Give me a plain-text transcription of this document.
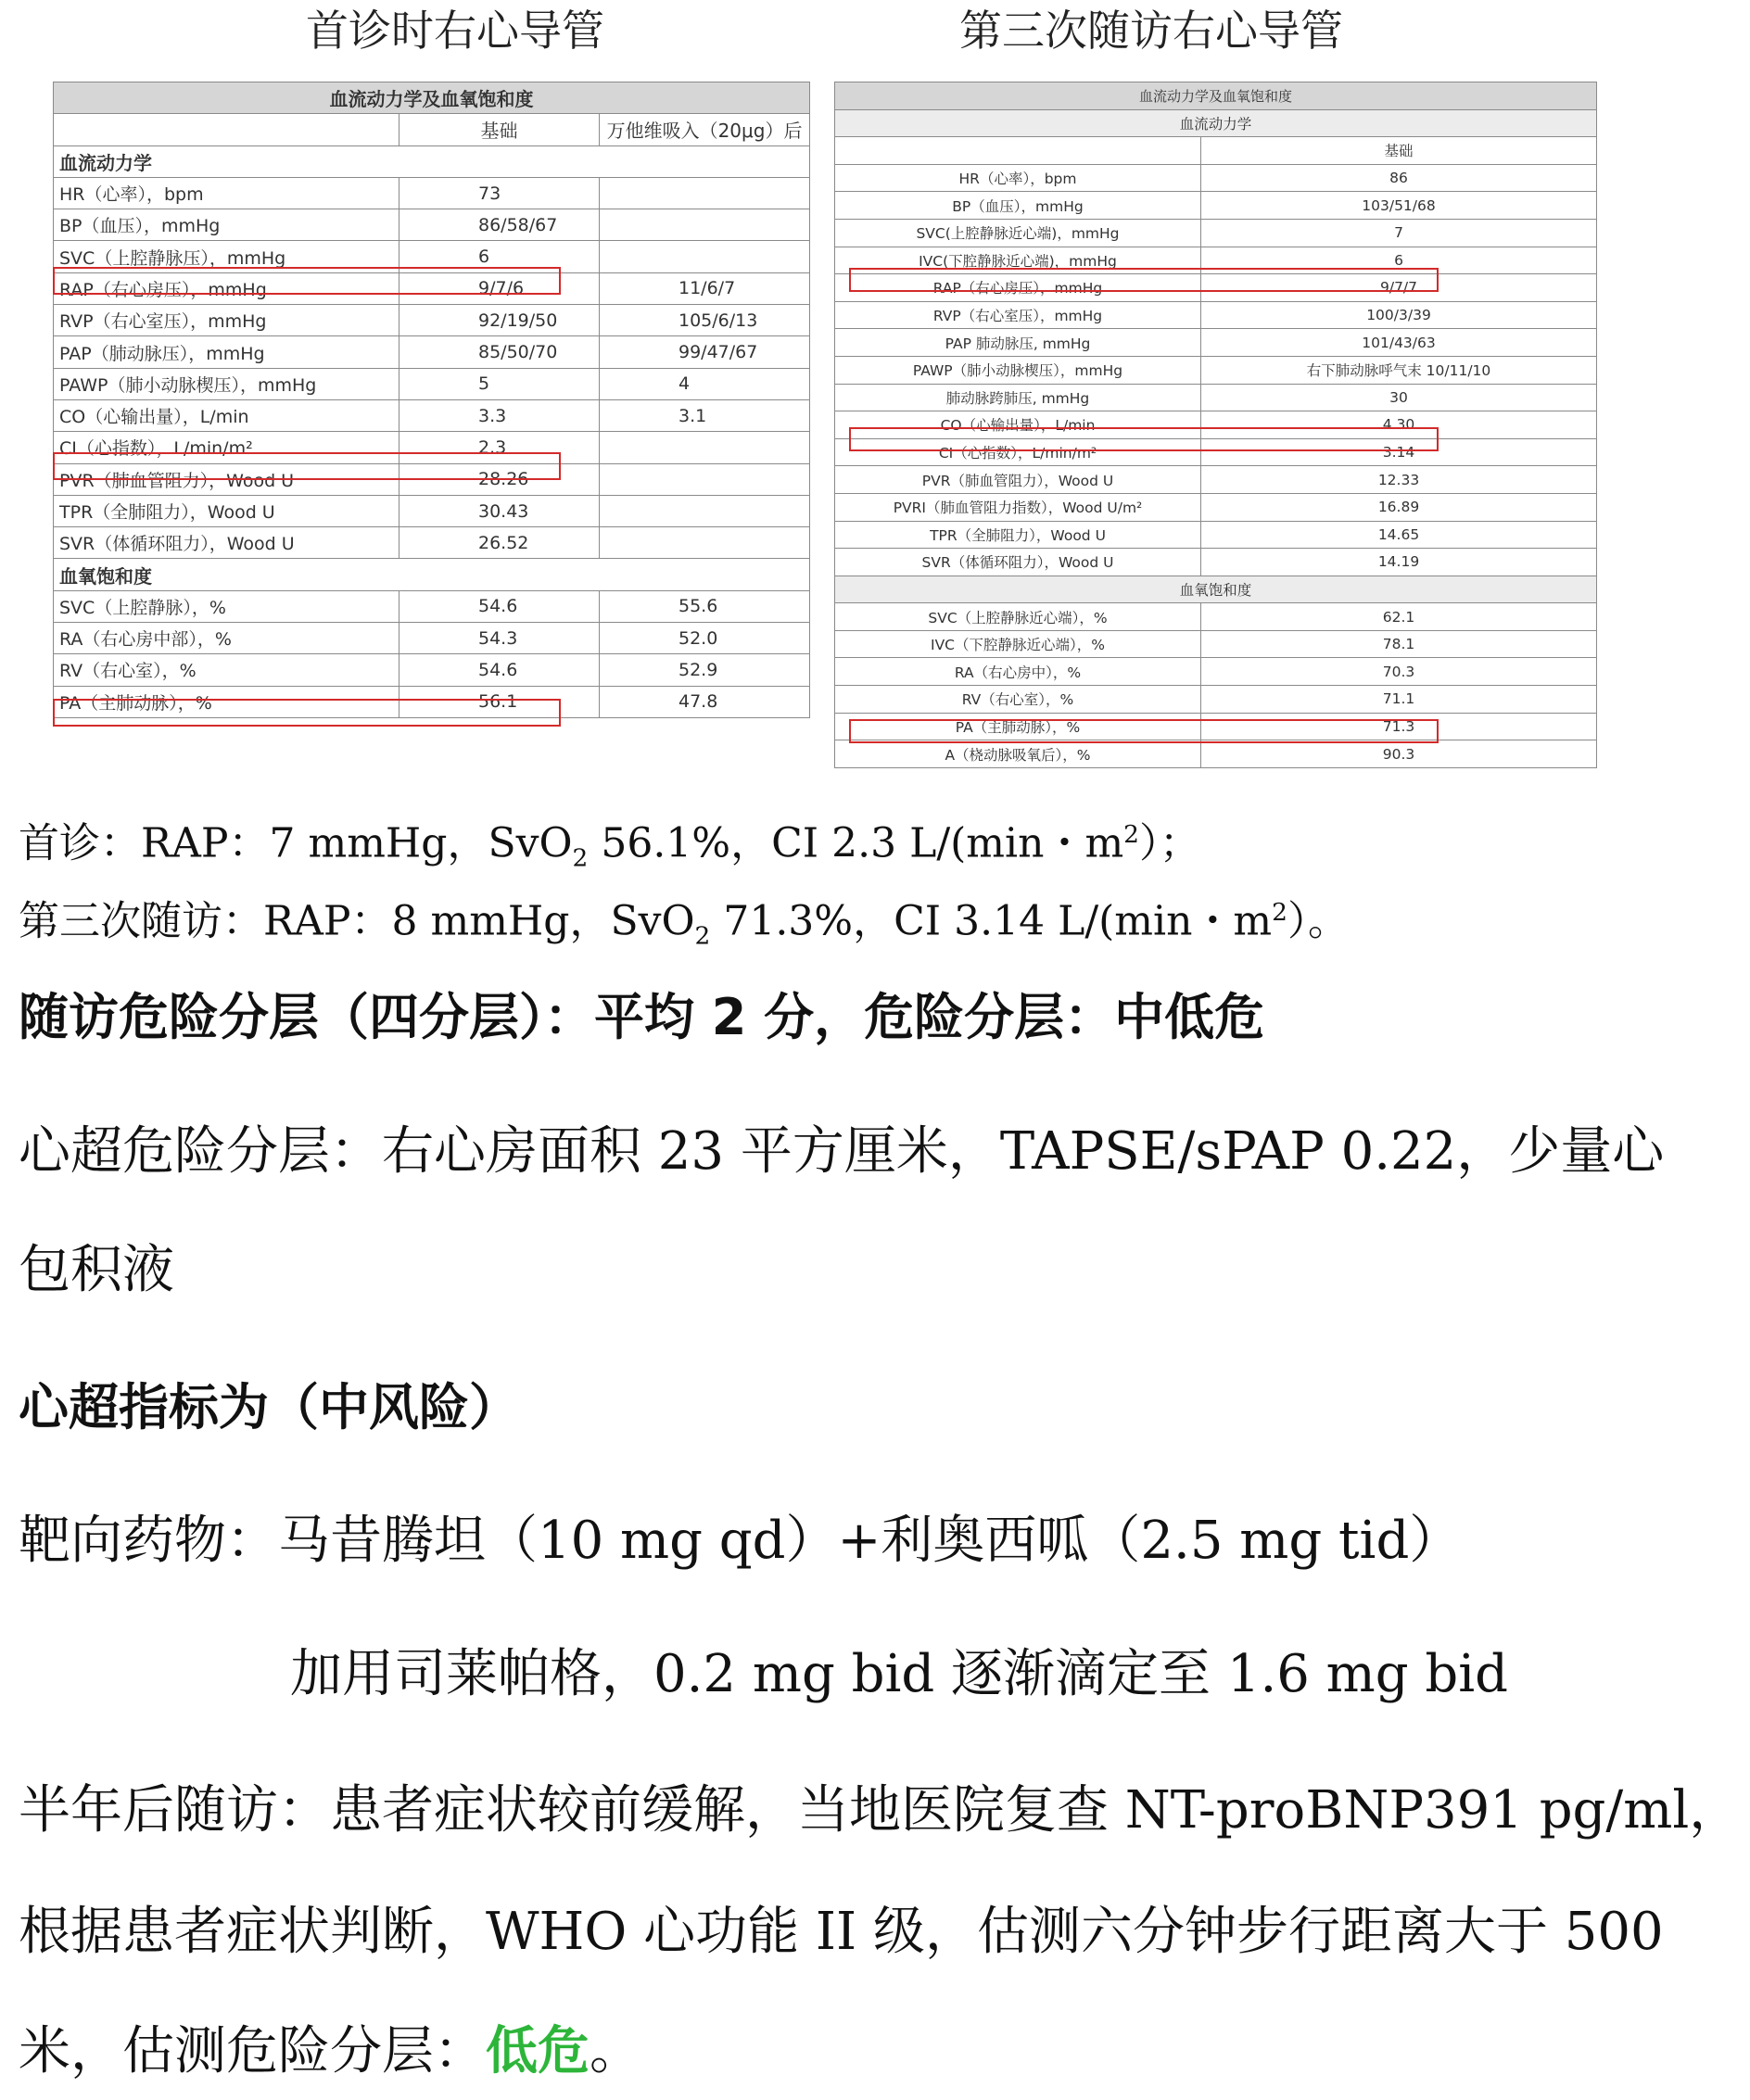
首诊时右心导管	第三次随访右心导管
血流动力学及血氧饱和度		
	基础	万他维吸入（20μg）后
血流动力学		
HR（心率），bpm	73	
BP（血压），mmHg	86/58/67	
SVC（上腔静脉压），mmHg	6	
RAP（右心房压），mmHg	9/7/6	11/6/7
RVP（右心室压），mmHg	92/19/50	105/6/13
PAP（肺动脉压），mmHg	85/50/70	99/47/67
PAWP（肺小动脉楔压），mmHg	5	4
CO（心输出量），L/min	3.3	3.1
CI（心指数），L/min/m²	2.3	
PVR（肺血管阻力），Wood U	28.26	
TPR（全肺阻力），Wood U	30.43	
SVR（体循环阻力），Wood U	26.52	
血氧饱和度		
SVC（上腔静脉），%	54.6	55.6
RA（右心房中部），%	54.3	52.0
RV（右心室），%	54.6	52.9
PA（主肺动脉），%	56.1	47.8
血流动力学及血氧饱和度	
血流动力学	
	基础
HR（心率），bpm	86
BP（血压），mmHg	103/51/68
SVC(上腔静脉近心端)，mmHg	7
IVC(下腔静脉近心端)，mmHg	6
RAP（右心房压），mmHg	9/7/7
RVP（右心室压），mmHg	100/3/39
PAP 肺动脉压, mmHg	101/43/63
PAWP（肺小动脉楔压），mmHg	右下肺动脉呼气末 10/11/10
肺动脉跨肺压, mmHg	30
CO（心输出量），L/min	4.30
CI（心指数），L/min/m²	3.14
PVR（肺血管阻力），Wood U	12.33
PVRI（肺血管阻力指数），Wood U/m²	16.89
TPR（全肺阻力），Wood U	14.65
SVR（体循环阻力），Wood U	14.19
血氧饱和度	
SVC（上腔静脉近心端），%	62.1
IVC（下腔静脉近心端），%	78.1
RA（右心房中），%	70.3
RV（右心室），%	71.1
PA（主肺动脉），%	71.3
A（桡动脉吸氧后），%	90.3
首诊：RAP：7 mmHg，SvO$_2$ 56.1%，CI 2.3 L/(min・$m^2$）；
第三次随访：RAP：8 mmHg，SvO$_2$ 71.3%，CI 3.14 L/(min・$m^2$）。
随访危险分层（四分层）：平均 2 分，危险分层：中低危
心超危险分层：右心房面积 23 平方厘米，TAPSE/sPAP 0.22，少量心
包积液
心超指标为（中风险）
靶向药物：马昔腾坦（10 mg qd）+利奥西呱（2.5 mg tid）
加用司莱帕格，0.2 mg bid 逐渐滴定至 1.6 mg bid
半年后随访：患者症状较前缓解，当地医院复查 NT-proBNP391 pg/ml，
根据患者症状判断，WHO 心功能 II 级，估测六分钟步行距离大于 500
米，估测危险分层：低危。
